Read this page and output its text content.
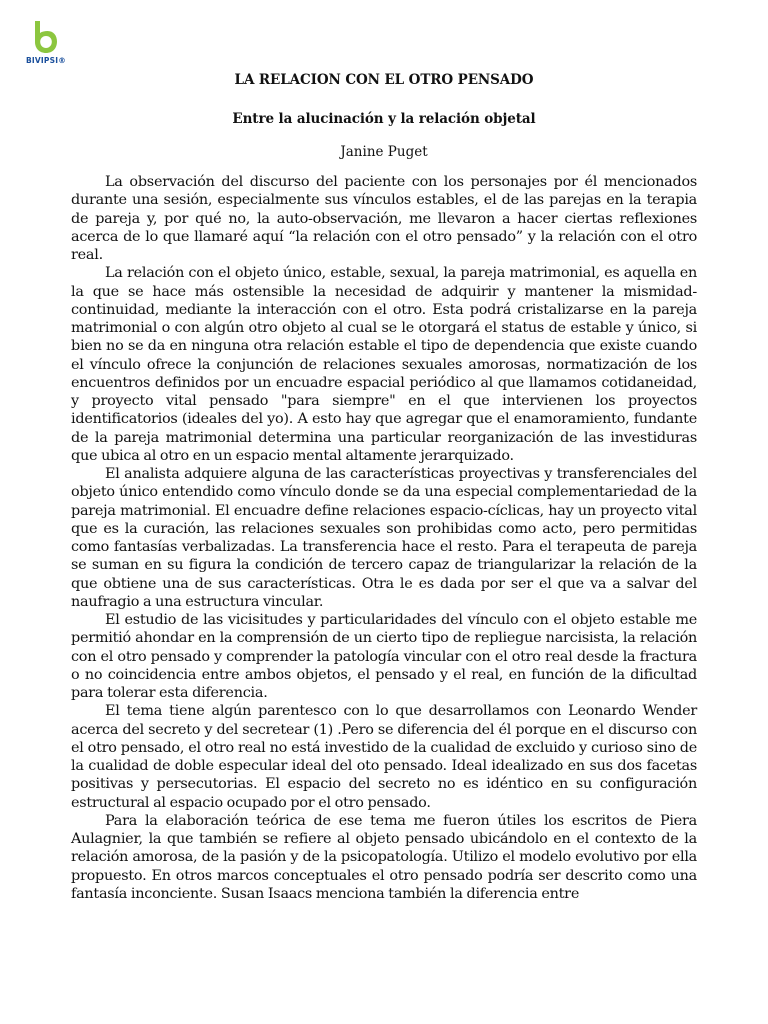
BIVIPSI®
LA RELACION CON EL OTRO PENSADO
Entre la alucinación y la relación objetal
Janine Puget

La observación del discurso del paciente con los personajes por él mencionados durante una sesión, especialmente sus vínculos estables, el de las parejas en la terapia de pareja y, por qué no, la auto-observación, me llevaron a hacer ciertas reflexiones acerca de lo que llamaré aquí “la relación con el otro pensado” y la relación con el otro real.

La relación con el objeto único, estable, sexual, la pareja matrimonial, es aquella en la que se hace más ostensible la necesidad de adquirir y mantener la mismidad-continuidad, mediante la interacción con el otro. Esta podrá cristalizarse en la pareja matrimonial o con algún otro objeto al cual se le otorgará el status de estable y único, si bien no se da en ninguna otra relación estable el tipo de dependencia que existe cuando el vínculo ofrece la conjunción de relaciones sexuales amorosas, normatización de los encuentros definidos por un encuadre espacial periódico al que llamamos cotidaneidad, y proyecto vital pensado "para siempre" en el que intervienen los proyectos identificatorios (ideales del yo). A esto hay que agregar que el enamoramiento, fundante de la pareja matrimonial determina una particular reorganización de las investiduras que ubica al otro en un espacio mental altamente jerarquizado.

El analista adquiere alguna de las características proyectivas y transferenciales del objeto único entendido como vínculo donde se da una especial complementariedad de la pareja matrimonial. El encuadre define relaciones espacio-cíclicas, hay un proyecto vital que es la curación, las relaciones sexuales son prohibidas como acto, pero permitidas como fantasías verbalizadas. La transferencia hace el resto. Para el terapeuta de pareja se suman en su figura la condición de tercero capaz de triangularizar la relación de la que obtiene una de sus características. Otra le es dada por ser el que va a salvar del naufragio a una estructura vincular.

El estudio de las vicisitudes y particularidades del vínculo con el objeto estable me permitió ahondar en la comprensión de un cierto tipo de repliegue narcisista, la relación con el otro pensado y comprender la patología vincular con el otro real desde la fractura o no coincidencia entre ambos objetos, el pensado y el real, en función de la dificultad para tolerar esta diferencia.

El tema tiene algún parentesco con lo que desarrollamos con Leonardo Wender acerca del secreto y del secretear (1) .Pero se diferencia del él porque en el discurso con el otro pensado, el otro real no está investido de la cualidad de excluido y curioso sino de la cualidad de doble especular ideal del oto pensado. Ideal idealizado en sus dos facetas positivas y persecutorias. El espacio del secreto no es idéntico en su configuración estructural al espacio ocupado por el otro pensado.

Para la elaboración teórica de ese tema me fueron útiles los escritos de Piera Aulagnier, la que también se refiere al objeto pensado ubicándolo en el contexto de la relación amorosa, de la pasión y de la psicopatología. Utilizo el modelo evolutivo por ella propuesto. En otros marcos conceptuales el otro pensado podría ser descrito como una fantasía inconciente. Susan Isaacs menciona también la diferencia entre
